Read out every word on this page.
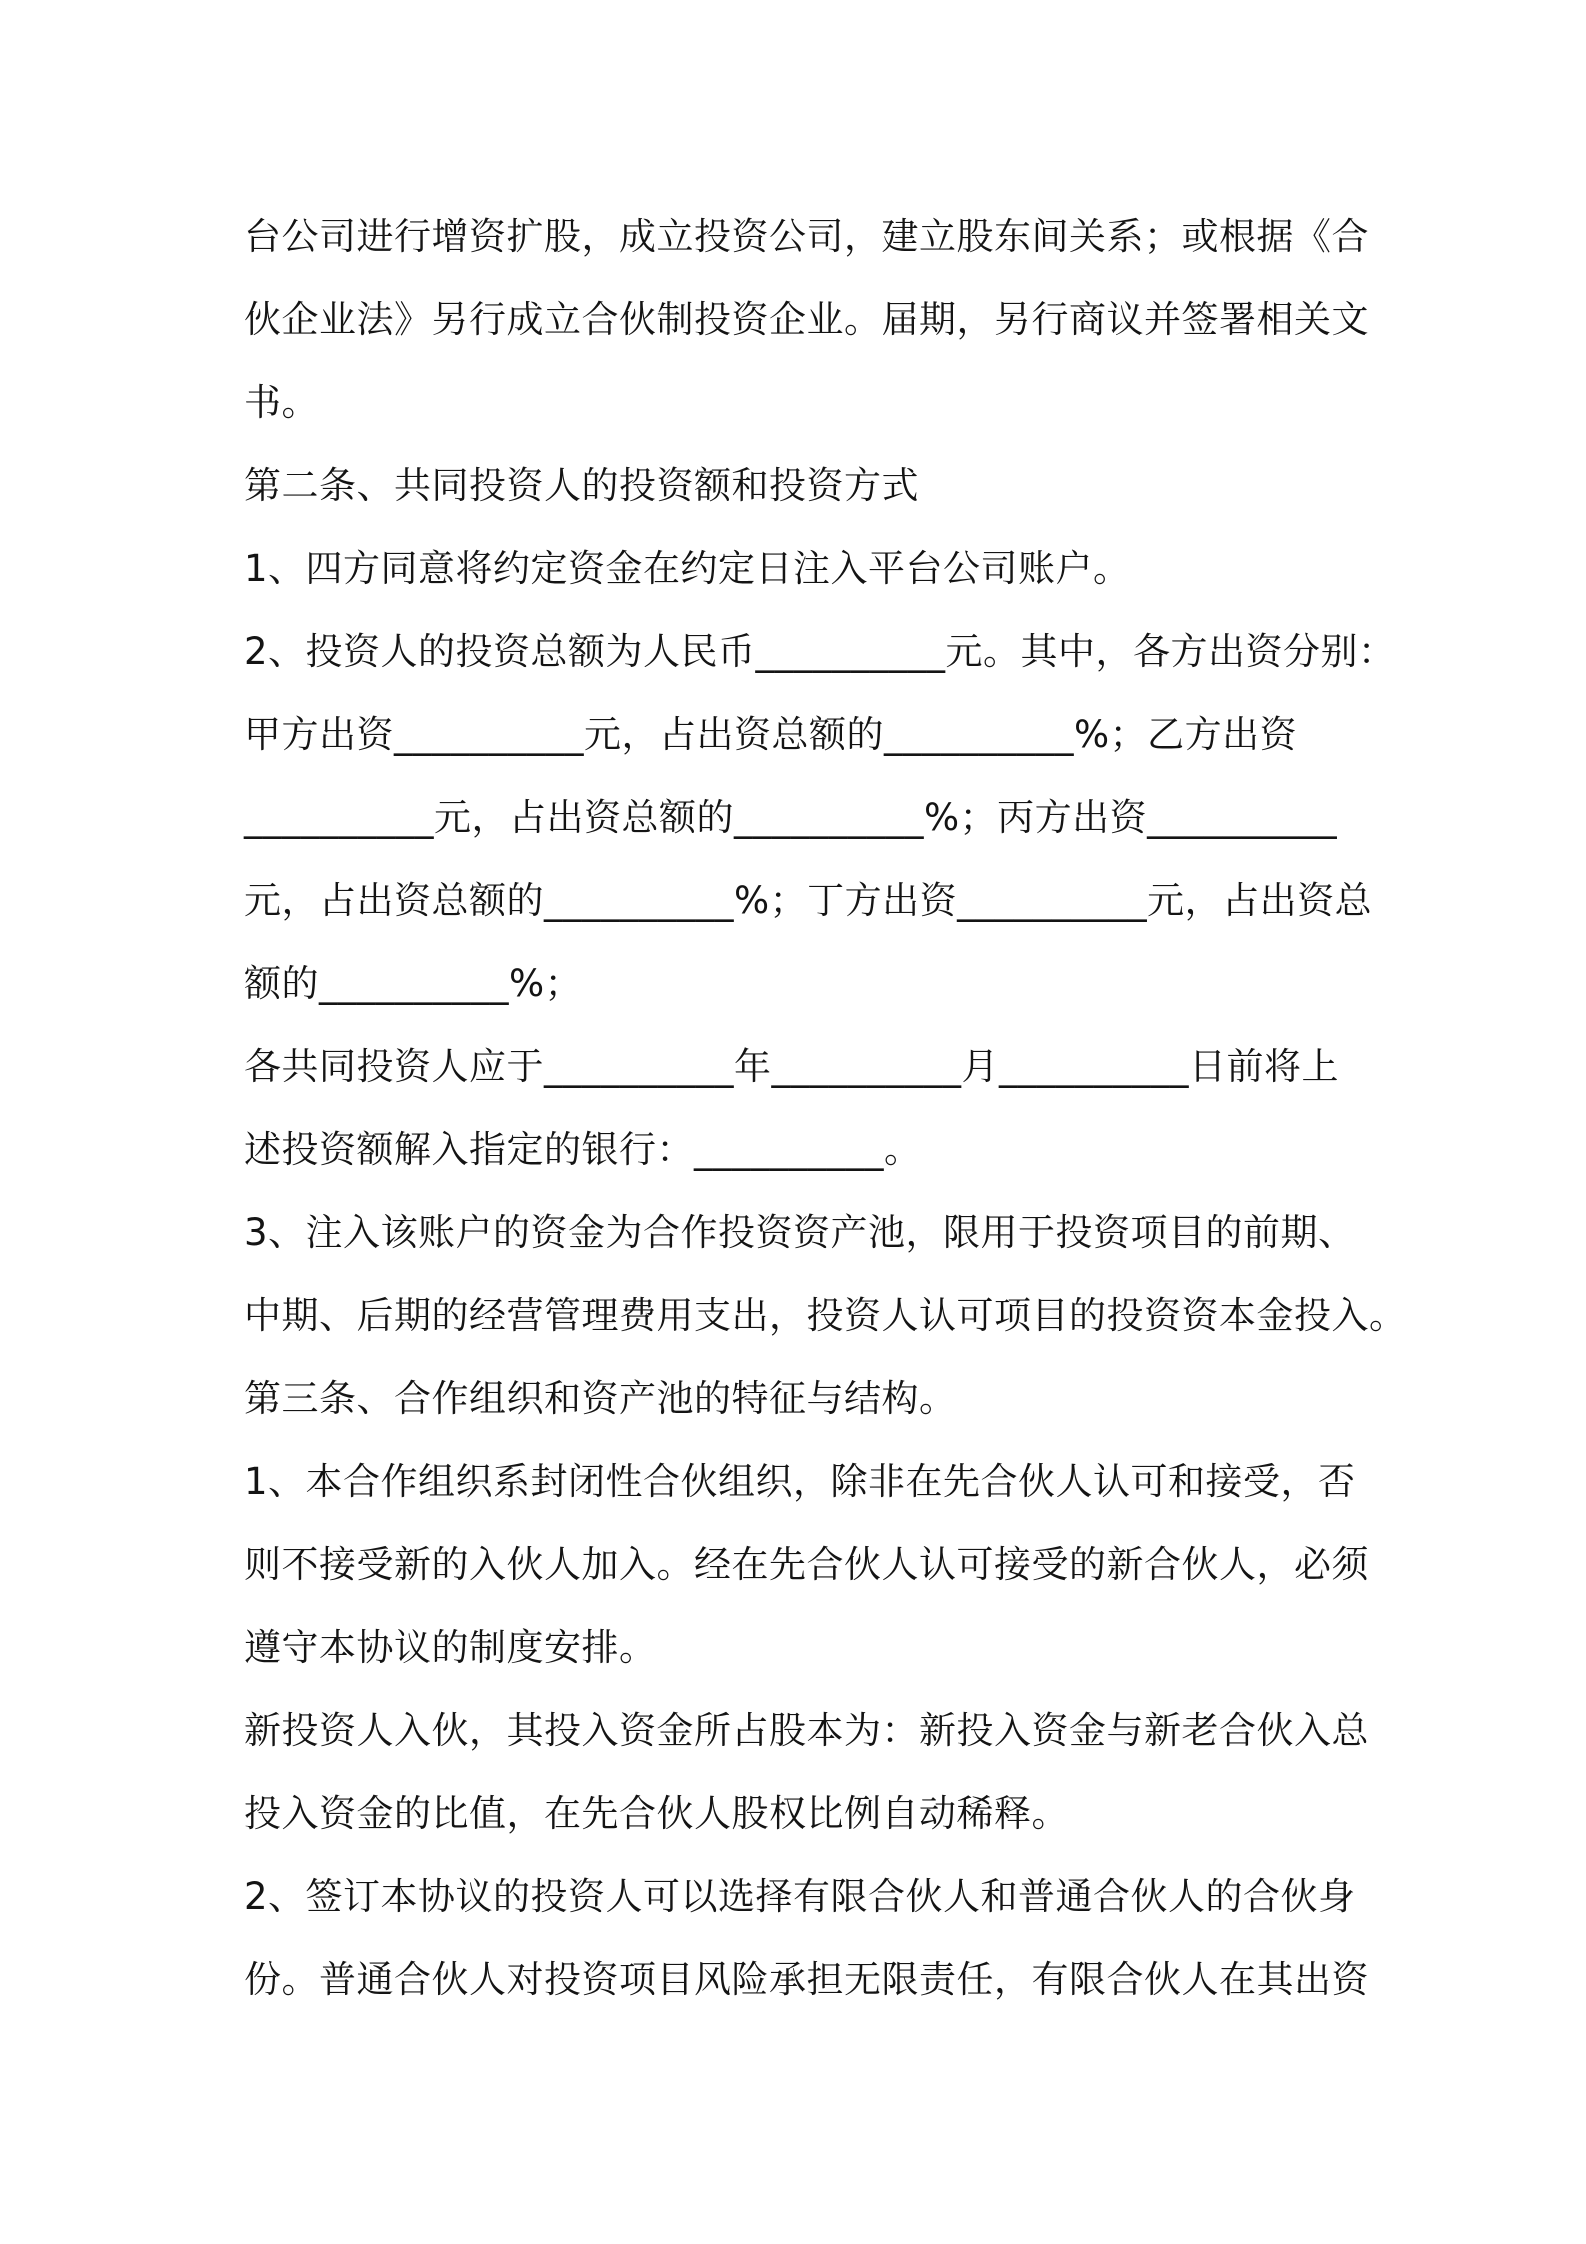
台公司进行增资扩股，成立投资公司，建立股东间关系；或根据《合
伙企业法》另行成立合伙制投资企业。届期，另行商议并签署相关文
书。

第二条、共同投资人的投资额和投资方式

1、四方同意将约定资金在约定日注入平台公司账户。

2、投资人的投资总额为人民币__________元。其中，各方出资分别：
甲方出资__________元，占出资总额的__________%；乙方出资
__________元，占出资总额的__________%；丙方出资__________
元，占出资总额的__________%；丁方出资__________元，占出资总
额的__________%；

各共同投资人应于__________年__________月__________日前将上
述投资额解入指定的银行：__________。

3、注入该账户的资金为合作投资资产池，限用于投资项目的前期、
中期、后期的经营管理费用支出，投资人认可项目的投资资本金投入。

第三条、合作组织和资产池的特征与结构。

1、本合作组织系封闭性合伙组织，除非在先合伙人认可和接受，否
则不接受新的入伙人加入。经在先合伙人认可接受的新合伙人，必须
遵守本协议的制度安排。

新投资人入伙，其投入资金所占股本为：新投入资金与新老合伙入总
投入资金的比值，在先合伙人股权比例自动稀释。

2、签订本协议的投资人可以选择有限合伙人和普通合伙人的合伙身
份。普通合伙人对投资项目风险承担无限责任，有限合伙人在其出资
